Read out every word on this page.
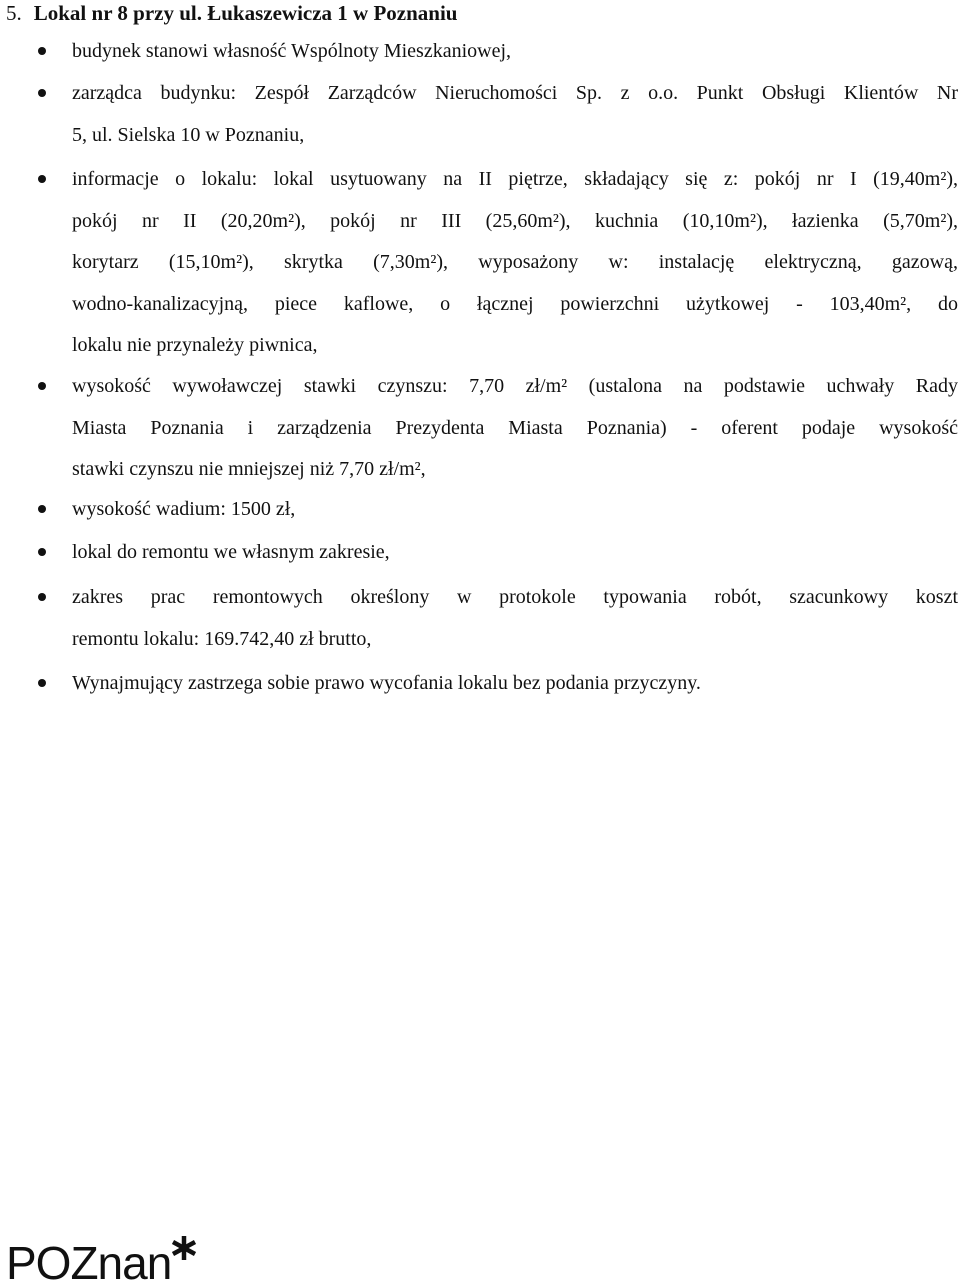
5. Lokal nr 8 przy ul. Łukaszewicza 1 w Poznaniu
budynek stanowi własność Wspólnoty Mieszkaniowej,
zarządca budynku: Zespół Zarządców Nieruchomości Sp. z o.o. Punkt Obsługi Klientów Nr
5, ul. Sielska 10 w Poznaniu,
informacje o lokalu: lokal usytuowany na II piętrze, składający się z: pokój nr I (19,40m²),
pokój nr II (20,20m²), pokój nr III (25,60m²), kuchnia (10,10m²), łazienka (5,70m²),
korytarz (15,10m²), skrytka (7,30m²), wyposażony w: instalację elektryczną, gazową,
wodno-kanalizacyjną, piece kaflowe, o łącznej powierzchni użytkowej - 103,40m², do
lokalu nie przynależy piwnica,
wysokość wywoławczej stawki czynszu: 7,70 zł/m² (ustalona na podstawie uchwały Rady
Miasta Poznania i zarządzenia Prezydenta Miasta Poznania) - oferent podaje wysokość
stawki czynszu nie mniejszej niż 7,70 zł/m²,
wysokość wadium: 1500 zł,
lokal do remontu we własnym zakresie,
zakres prac remontowych określony w protokole typowania robót, szacunkowy koszt
remontu lokalu: 169.742,40 zł brutto,
Wynajmujący zastrzega sobie prawo wycofania lokalu bez podania przyczyny.
POZnan
